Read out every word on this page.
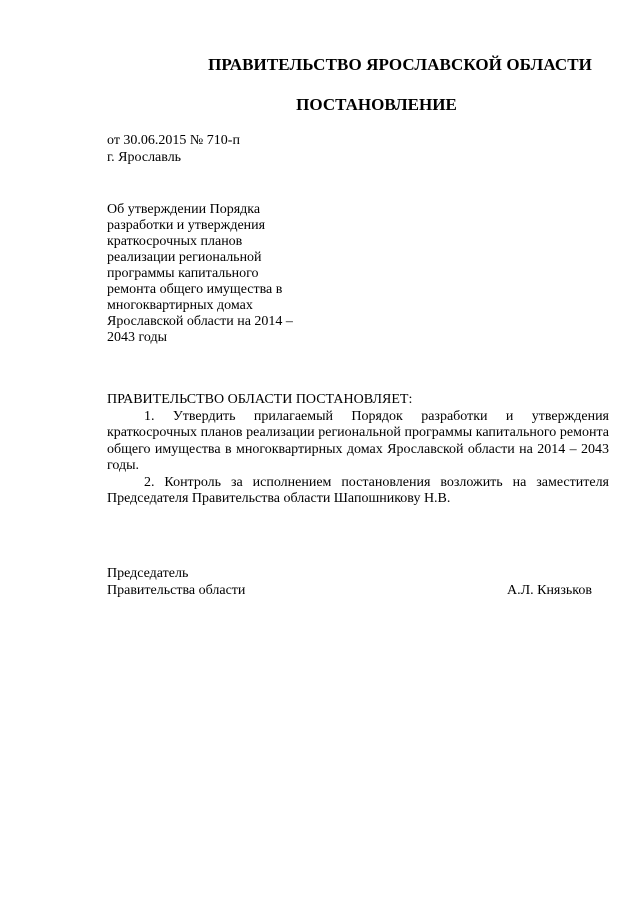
ПРАВИТЕЛЬСТВО ЯРОСЛАВСКОЙ ОБЛАСТИ
ПОСТАНОВЛЕНИЕ
от 30.06.2015 № 710-п
г. Ярославль
Об утверждении Порядка
разработки и утверждения
краткосрочных планов
реализации региональной
программы капитального
ремонта общего имущества в
многоквартирных домах
Ярославской области на 2014 –
2043 годы
ПРАВИТЕЛЬСТВО ОБЛАСТИ ПОСТАНОВЛЯЕТ:

1. Утвердить прилагаемый Порядок разработки и утверждения краткосрочных планов реализации региональной программы капитального ремонта общего имущества в многоквартирных домах Ярославской области на 2014 – 2043 годы.

2. Контроль за исполнением постановления возложить на заместителя Председателя Правительства области Шапошникову Н.В.

Председатель
Правительства области	А.Л. Князьков
